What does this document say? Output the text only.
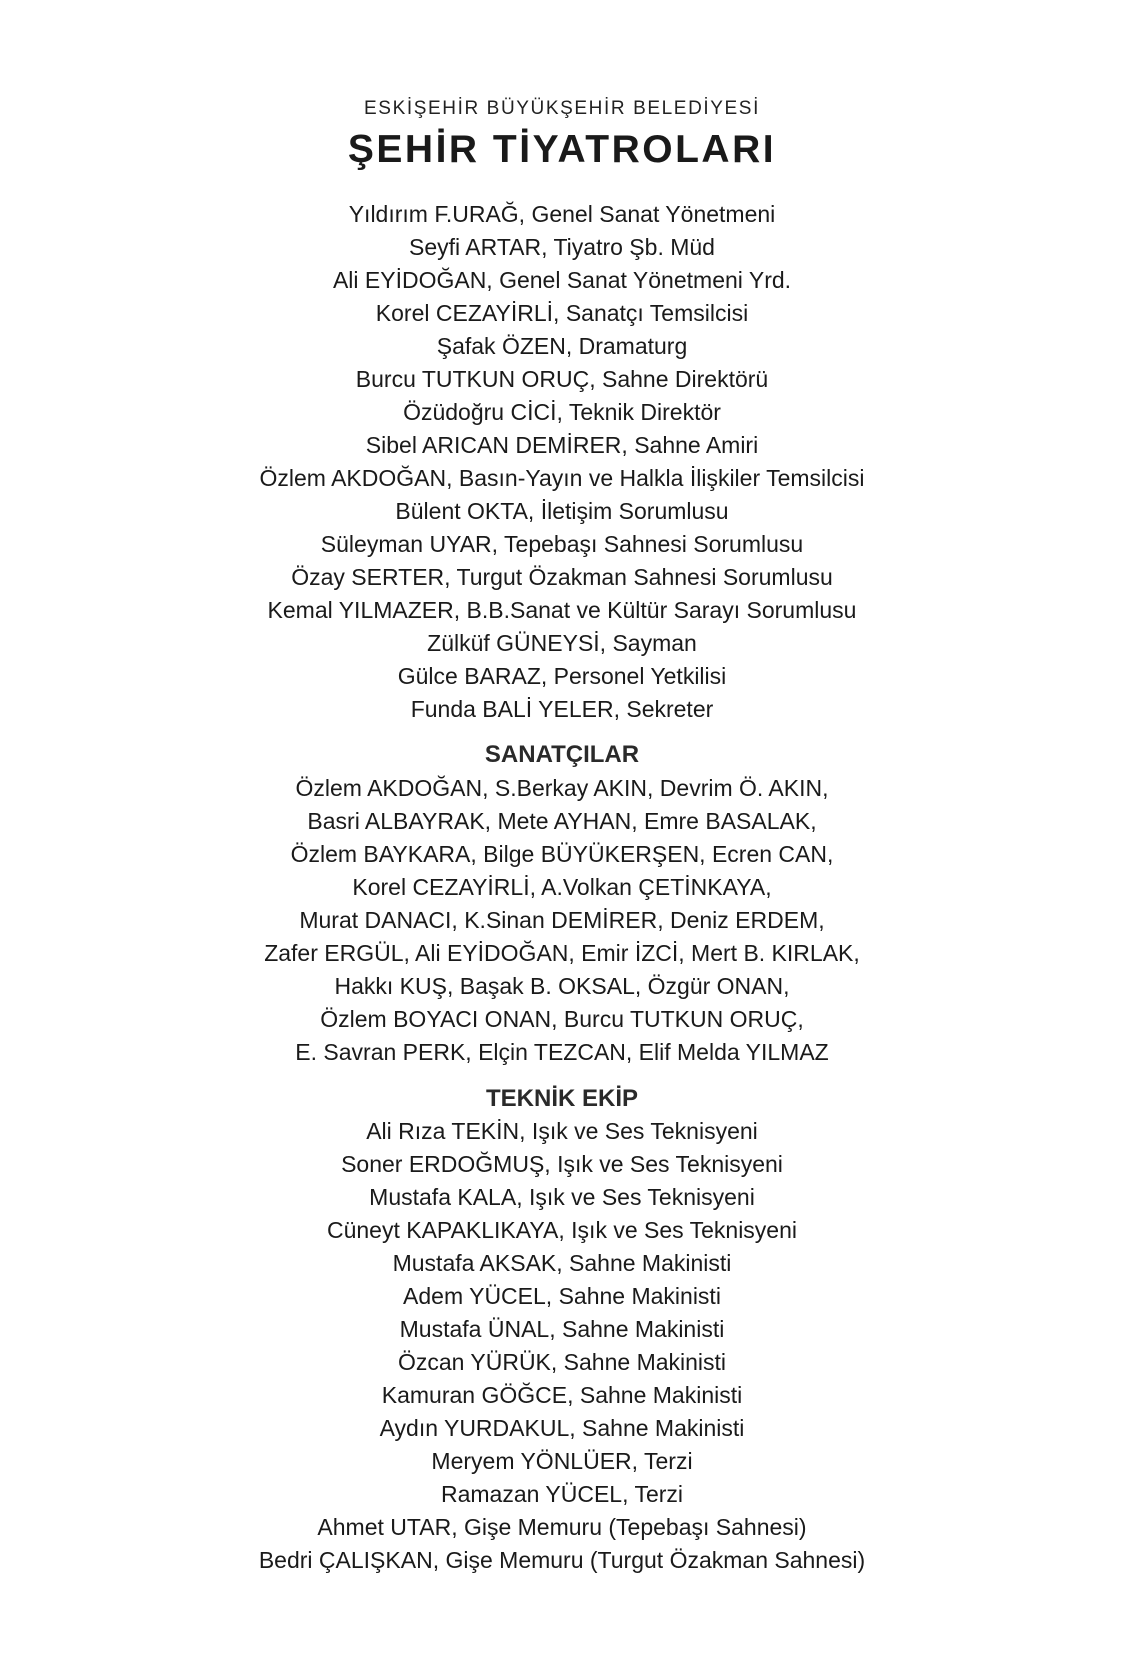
ESKİŞEHİR BÜYÜKŞEHİR BELEDİYESİ
ŞEHİR TİYATROLARI
Yıldırım F.URAĞ, Genel Sanat Yönetmeni
Seyfi ARTAR, Tiyatro Şb. Müd
Ali EYİDOĞAN, Genel Sanat Yönetmeni Yrd.
Korel CEZAYİRLİ, Sanatçı Temsilcisi
Şafak ÖZEN, Dramaturg
Burcu TUTKUN ORUÇ, Sahne Direktörü
Özüdoğru CİCİ, Teknik Direktör
Sibel ARICAN DEMİRER, Sahne Amiri
Özlem AKDOĞAN, Basın-Yayın ve Halkla İlişkiler Temsilcisi
Bülent OKTA, İletişim Sorumlusu
Süleyman UYAR, Tepebaşı Sahnesi Sorumlusu
Özay SERTER, Turgut Özakman Sahnesi Sorumlusu
Kemal YILMAZER, B.B.Sanat ve Kültür Sarayı Sorumlusu
Zülküf GÜNEYSİ, Sayman
Gülce BARAZ, Personel Yetkilisi
Funda BALİ YELER, Sekreter
SANATÇILAR
Özlem AKDOĞAN, S.Berkay AKIN, Devrim Ö. AKIN,
Basri ALBAYRAK, Mete AYHAN, Emre BASALAK,
Özlem BAYKARA, Bilge BÜYÜKERŞEN, Ecren CAN,
Korel CEZAYİRLİ, A.Volkan ÇETİNKAYA,
Murat DANACI, K.Sinan DEMİRER, Deniz ERDEM,
Zafer ERGÜL, Ali EYİDOĞAN, Emir İZCİ, Mert B. KIRLAK,
Hakkı KUŞ, Başak B. OKSAL, Özgür ONAN,
Özlem BOYACI ONAN, Burcu TUTKUN ORUÇ,
E. Savran PERK, Elçin TEZCAN, Elif Melda YILMAZ
TEKNİK EKİP
Ali Rıza TEKİN, Işık ve Ses Teknisyeni
Soner ERDOĞMUŞ, Işık ve Ses Teknisyeni
Mustafa KALA, Işık ve Ses Teknisyeni
Cüneyt KAPAKLIKAYA, Işık ve Ses Teknisyeni
Mustafa AKSAK, Sahne Makinisti
Adem YÜCEL, Sahne Makinisti
Mustafa ÜNAL, Sahne Makinisti
Özcan YÜRÜK, Sahne Makinisti
Kamuran GÖĞCE, Sahne Makinisti
Aydın YURDAKUL, Sahne Makinisti
Meryem YÖNLÜER, Terzi
Ramazan YÜCEL, Terzi
Ahmet UTAR, Gişe Memuru (Tepebaşı Sahnesi)
Bedri ÇALIŞKAN, Gişe Memuru (Turgut Özakman Sahnesi)
